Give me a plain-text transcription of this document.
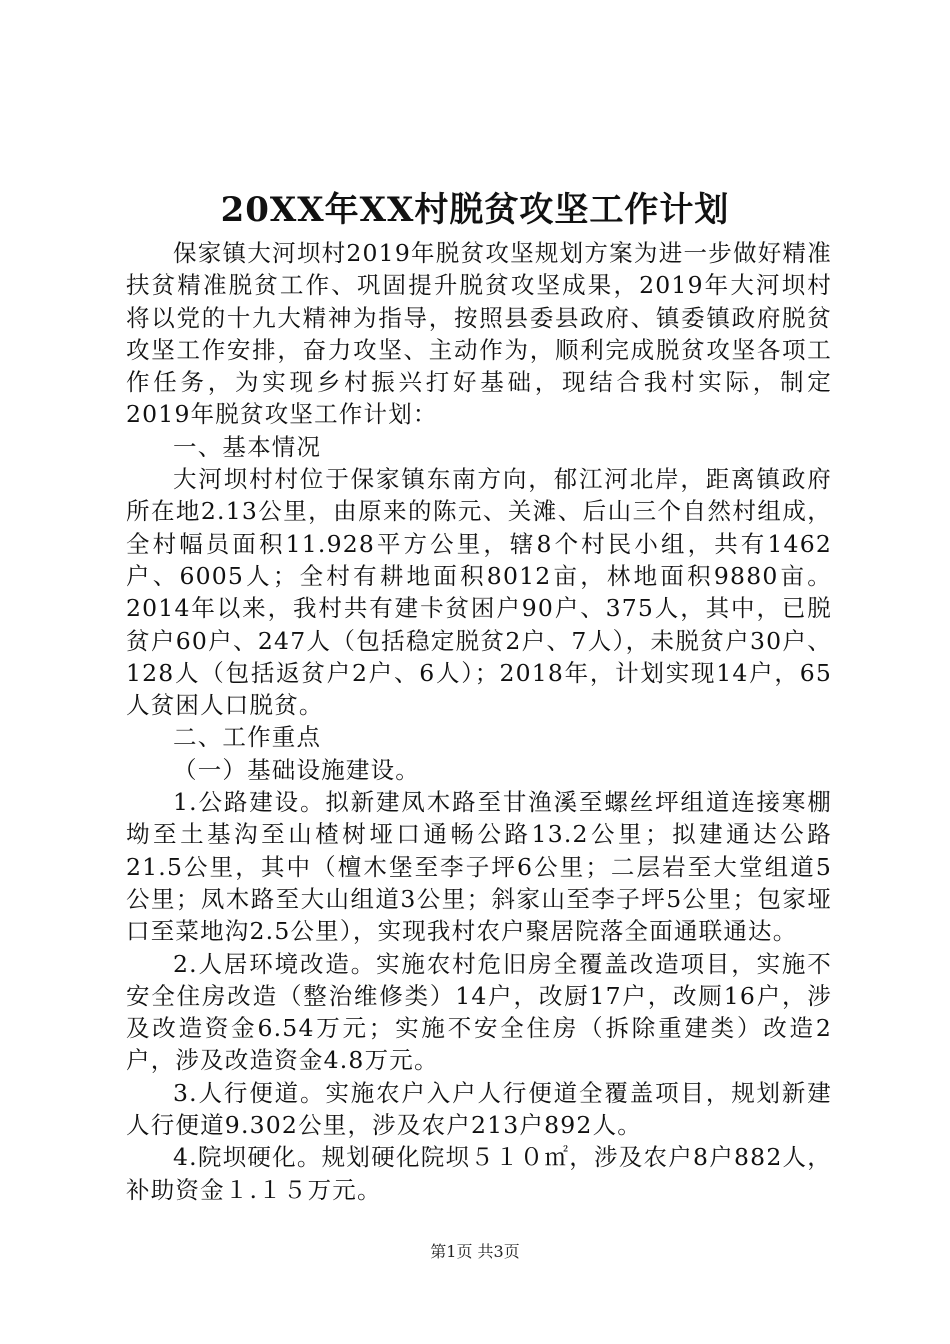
20XX年XX村脱贫攻坚工作计划

保家镇大河坝村2019年脱贫攻坚规划方案为进一步做好精准扶贫精准脱贫工作、巩固提升脱贫攻坚成果，2019年大河坝村将以党的十九大精神为指导，按照县委县政府、镇委镇政府脱贫攻坚工作安排，奋力攻坚、主动作为，顺利完成脱贫攻坚各项工作任务，为实现乡村振兴打好基础，现结合我村实际，制定2019年脱贫攻坚工作计划：

一、基本情况

大河坝村村位于保家镇东南方向，郁江河北岸，距离镇政府所在地2.13公里，由原来的陈元、关滩、后山三个自然村组成，全村幅员面积11.928平方公里，辖8个村民小组，共有1462户、6005人；全村有耕地面积8012亩，林地面积9880亩。2014年以来，我村共有建卡贫困户90户、375人，其中，已脱贫户60户、247人（包括稳定脱贫2户、7人），未脱贫户30户、128人（包括返贫户2户、6人）；2018年，计划实现14户，65人贫困人口脱贫。

二、工作重点

（一）基础设施建设。

1.公路建设。拟新建凤木路至甘渔溪至螺丝坪组道连接寒棚坳至土基沟至山楂树垭口通畅公路13.2公里；拟建通达公路21.5公里，其中（檀木堡至李子坪6公里；二层岩至大堂组道5公里；凤木路至大山组道3公里；斜家山至李子坪5公里；包家垭口至菜地沟2.5公里），实现我村农户聚居院落全面通联通达。

2.人居环境改造。实施农村危旧房全覆盖改造项目，实施不安全住房改造（整治维修类）14户，改厨17户，改厕16户，涉及改造资金6.54万元；实施不安全住房（拆除重建类）改造2户，涉及改造资金4.8万元。

3.人行便道。实施农户入户人行便道全覆盖项目，规划新建人行便道9.302公里，涉及农户213户892人。

4.院坝硬化。规划硬化院坝５１０㎡，涉及农户8户882人，补助资金１.１５万元。

第1页 共3页
